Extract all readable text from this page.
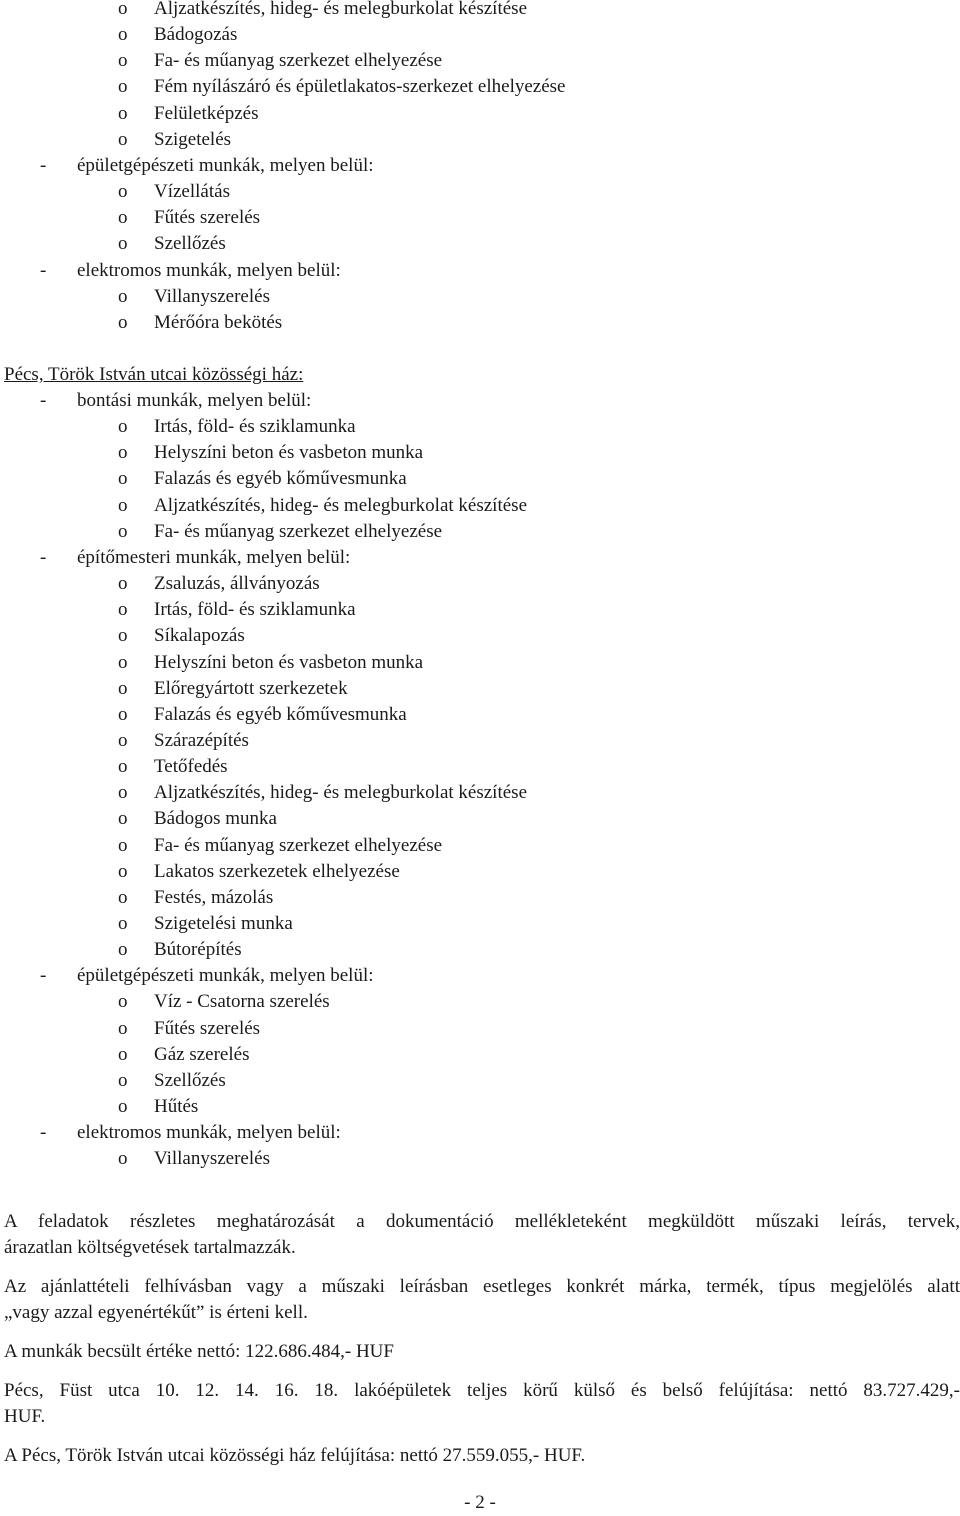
o Aljzatkészítés, hideg- és melegburkolat készítése
o Bádogozás
o Fa- és műanyag szerkezet elhelyezése
o Fém nyílászáró és épületlakatos-szerkezet elhelyezése
o Felületképzés
o Szigetelés
- épületgépészeti munkák, melyen belül:
o Vízellátás
o Fűtés szerelés
o Szellőzés
- elektromos munkák, melyen belül:
o Villanyszerelés
o Mérőóra bekötés
Pécs, Török István utcai közösségi ház:
- bontási munkák, melyen belül:
o Irtás, föld- és sziklamunka
o Helyszíni beton és vasbeton munka
o Falazás és egyéb kőművesmunka
o Aljzatkészítés, hideg- és melegburkolat készítése
o Fa- és műanyag szerkezet elhelyezése
- építőmesteri munkák, melyen belül:
o Zsaluzás, állványozás
o Irtás, föld- és sziklamunka
o Síkalapozás
o Helyszíni beton és vasbeton munka
o Előregyártott szerkezetek
o Falazás és egyéb kőművesmunka
o Szárazépítés
o Tetőfedés
o Aljzatkészítés, hideg- és melegburkolat készítése
o Bádogos munka
o Fa- és műanyag szerkezet elhelyezése
o Lakatos szerkezetek elhelyezése
o Festés, mázolás
o Szigetelési munka
o Bútorépítés
- épületgépészeti munkák, melyen belül:
o Víz - Csatorna szerelés
o Fűtés szerelés
o Gáz szerelés
o Szellőzés
o Hűtés
- elektromos munkák, melyen belül:
o Villanyszerelés
A feladatok részletes meghatározását a dokumentáció mellékleteként megküldött műszaki leírás, tervek,
árazatlan költségvetések tartalmazzák.
Az ajánlattételi felhívásban vagy a műszaki leírásban esetleges konkrét márka, termék, típus megjelölés alatt
„vagy azzal egyenértékűt” is érteni kell.
A munkák becsült értéke nettó: 122.686.484,- HUF
Pécs, Füst utca 10. 12. 14. 16. 18. lakóépületek teljes körű külső és belső felújítása: nettó 83.727.429,-
HUF.
A Pécs, Török István utcai közösségi ház felújítása: nettó 27.559.055,- HUF.
- 2 -
